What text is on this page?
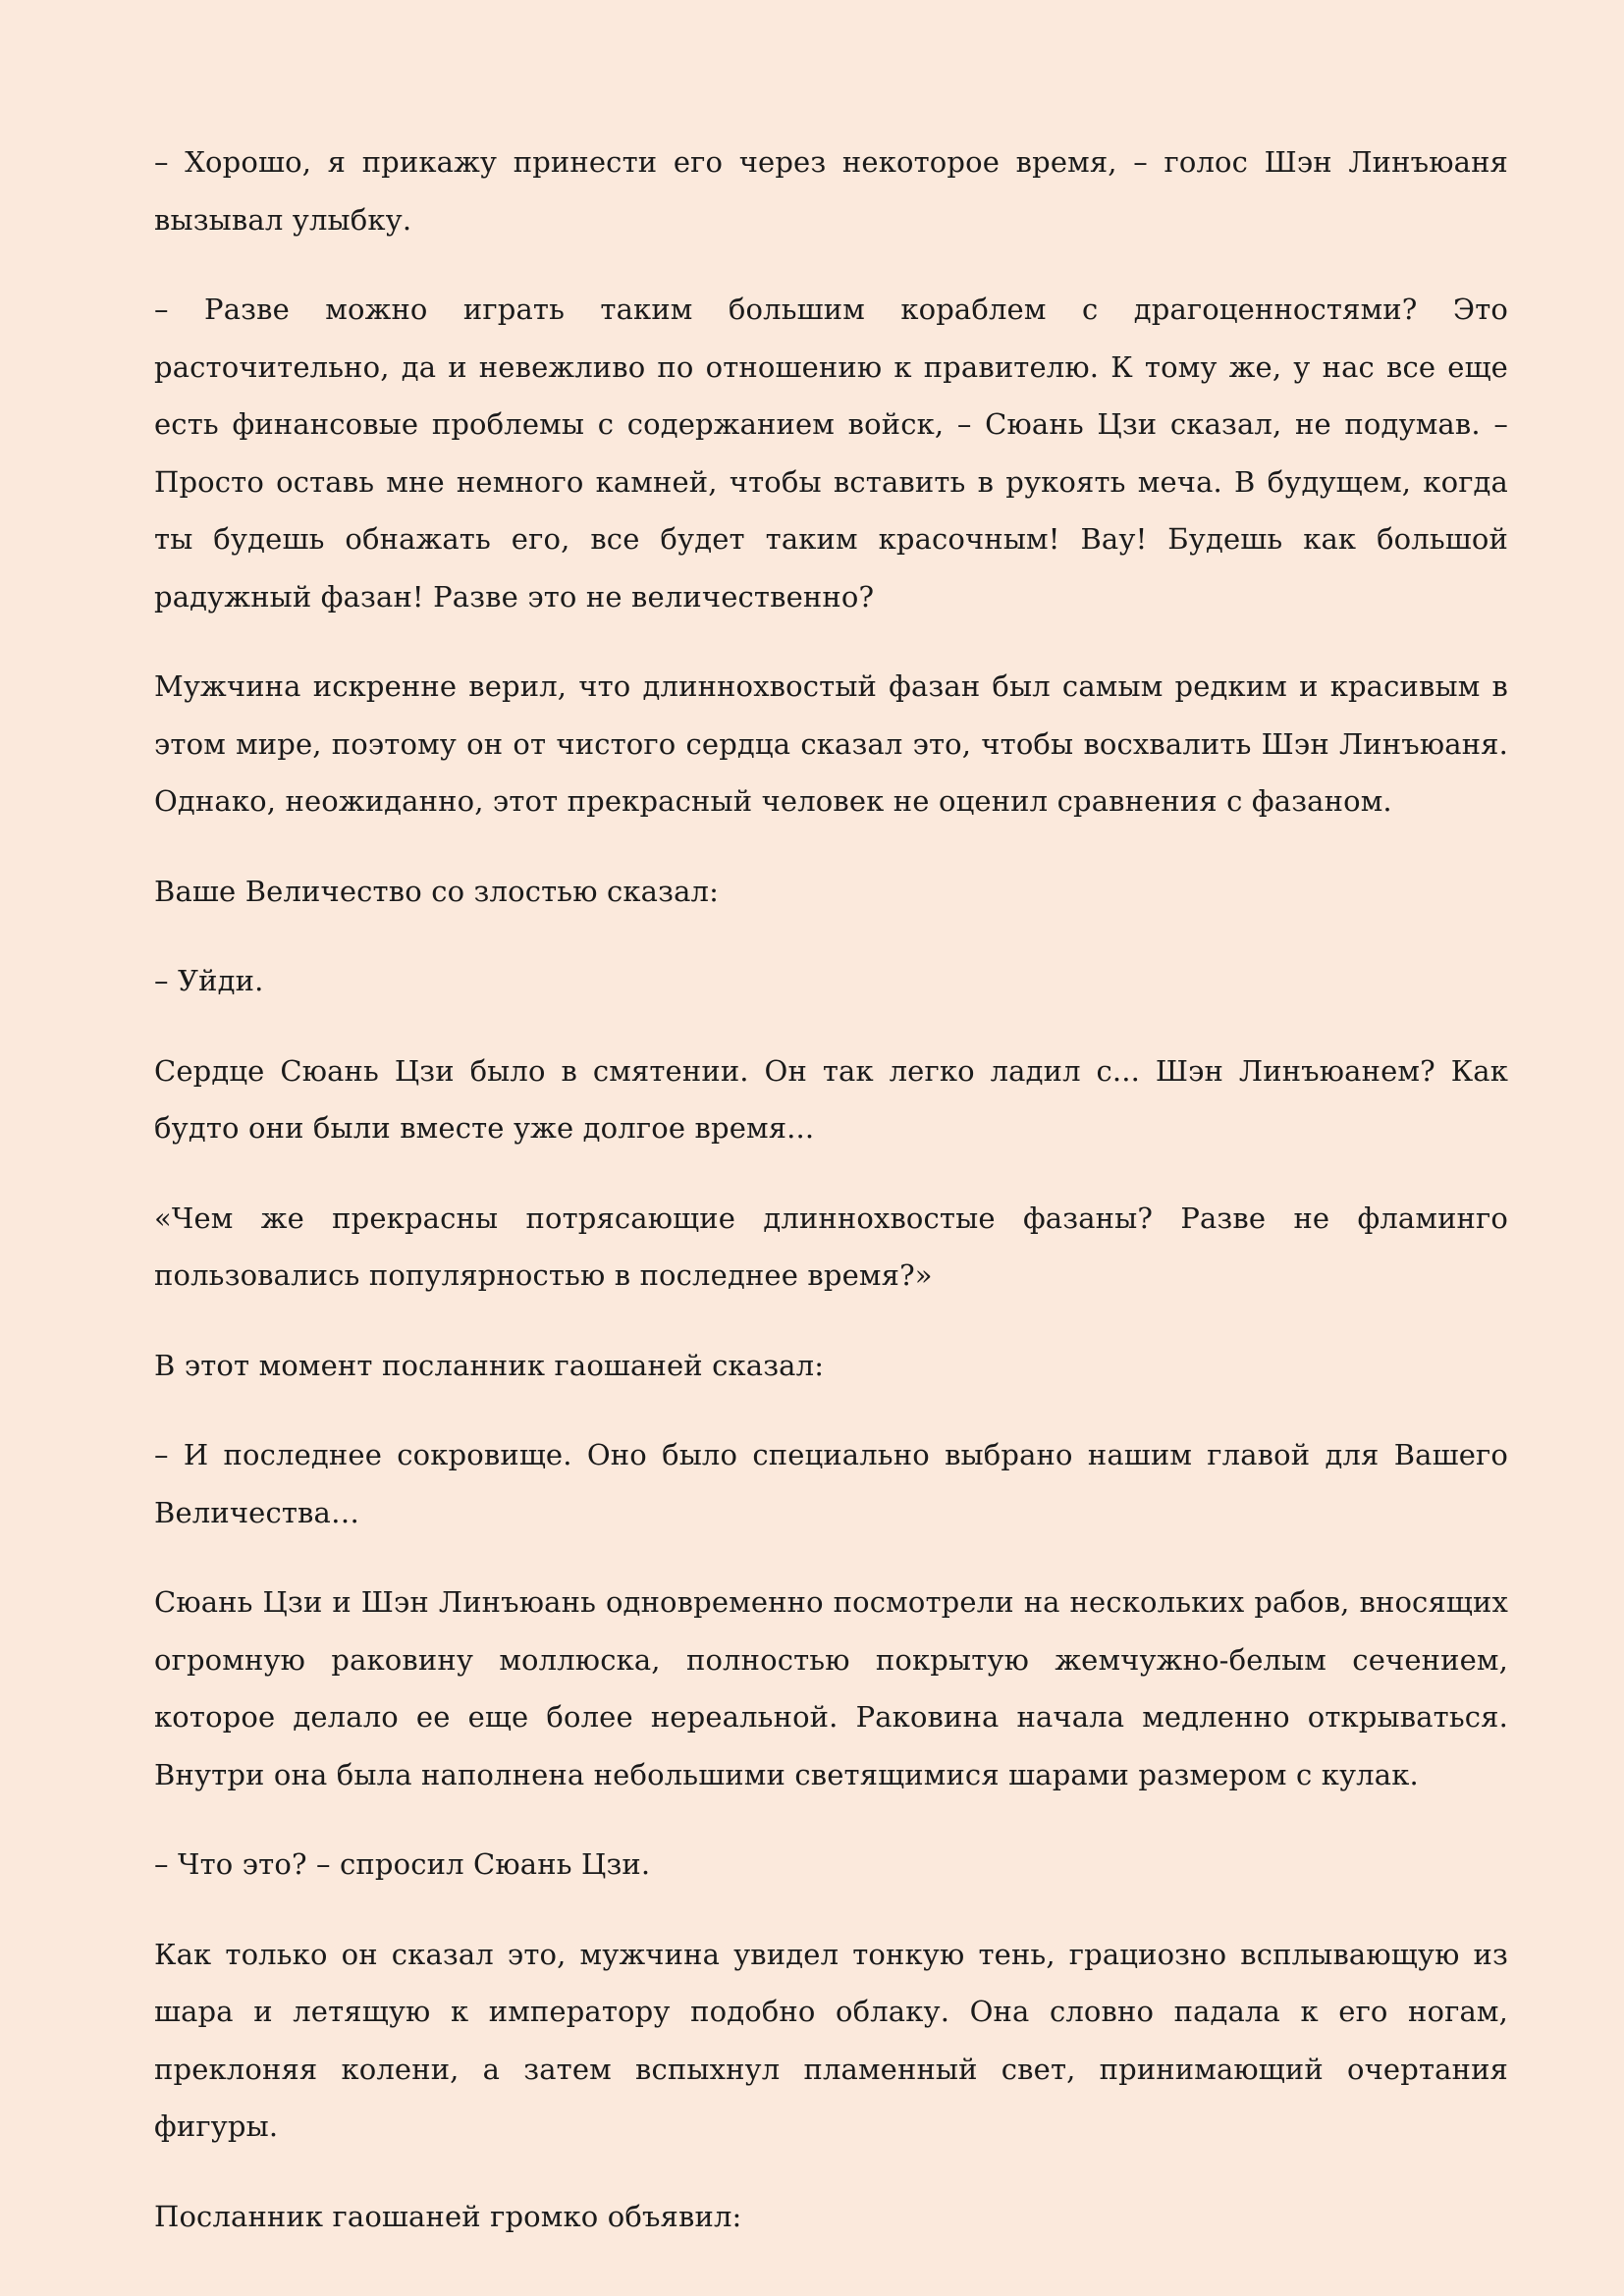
– Хорошо, я прикажу принести его через некоторое время, – голос Шэн Линъюаня вызывал улыбку.

– Разве можно играть таким большим кораблем с драгоценностями? Это расточительно, да и невежливо по отношению к правителю. К тому же, у нас все еще есть финансовые проблемы с содержанием войск, – Сюань Цзи сказал, не подумав. – Просто оставь мне немного камней, чтобы вставить в рукоять меча. В будущем, когда ты будешь обнажать его, все будет таким красочным! Вау! Будешь как большой радужный фазан! Разве это не величественно?

Мужчина искренне верил, что длиннохвостый фазан был самым редким и красивым в этом мире, поэтому он от чистого сердца сказал это, чтобы восхвалить Шэн Линъюаня. Однако, неожиданно, этот прекрасный человек не оценил сравнения с фазаном.

Ваше Величество со злостью сказал:

– Уйди.

Сердце Сюань Цзи было в смятении. Он так легко ладил с... Шэн Линъюанем? Как будто они были вместе уже долгое время...

«Чем же прекрасны потрясающие длиннохвостые фазаны? Разве не фламинго пользовались популярностью в последнее время?»

В этот момент посланник гаошаней сказал:

– И последнее сокровище. Оно было специально выбрано нашим главой для Вашего Величества…

Сюань Цзи и Шэн Линъюань одновременно посмотрели на нескольких рабов, вносящих огромную раковину моллюска, полностью покрытую жемчужно-белым сечением, которое делало ее еще более нереальной. Раковина начала медленно открываться. Внутри она была наполнена небольшими светящимися шарами размером с кулак.

– Что это? – спросил Сюань Цзи.

Как только он сказал это, мужчина увидел тонкую тень, грациозно всплывающую из шара и летящую к императору подобно облаку. Она словно падала к его ногам, преклоняя колени, а затем вспыхнул пламенный свет, принимающий очертания фигуры.

Посланник гаошаней громко объявил:
